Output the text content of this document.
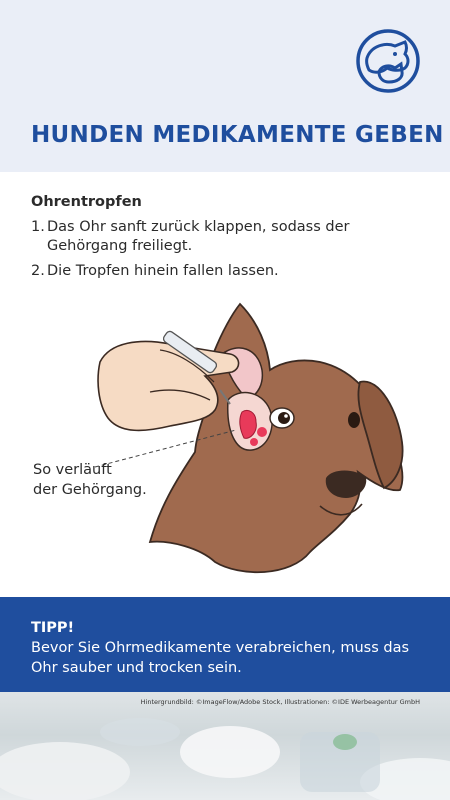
HUNDEN MEDIKAMENTE GEBEN
Ohrentropfen
1. Das Ohr sanft zurück klappen, sodass der Gehörgang freiliegt.
2. Die Tropfen hinein fallen lassen.
So verläuft
der Gehörgang.
TIPP!
Bevor Sie Ohrmedikamente verabreichen, muss das Ohr sauber und trocken sein.
Hintergrundbild: ©ImageFlow/Adobe Stock, Illustrationen: ©IDE Werbeagentur GmbH
